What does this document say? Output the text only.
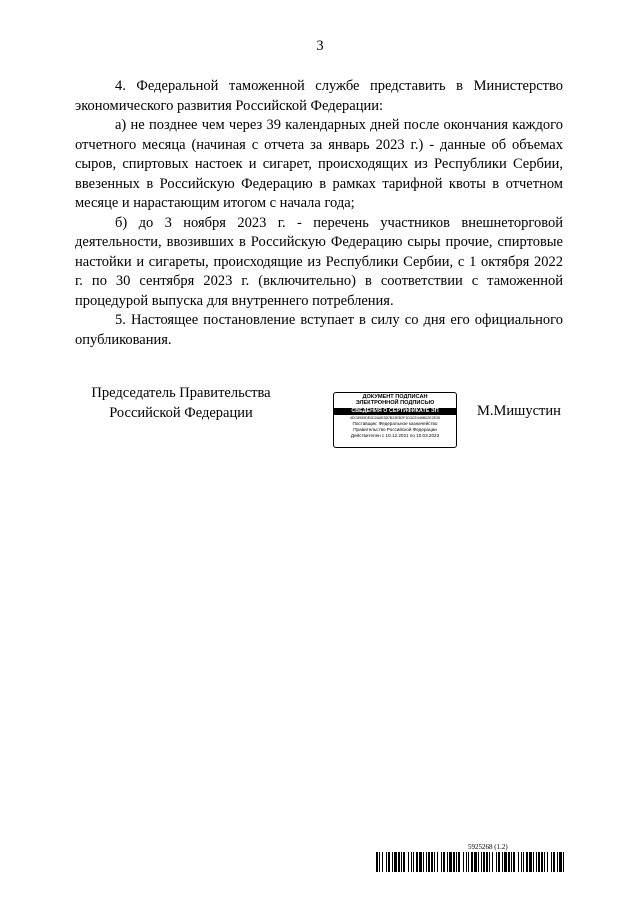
3

4. Федеральной таможенной службе представить в Министерство экономического развития Российской Федерации:

а) не позднее чем через 39 календарных дней после окончания каждого отчетного месяца (начиная с отчета за январь 2023 г.) - данные об объемах сыров, спиртовых настоек и сигарет, происходящих из Республики Сербии, ввезенных в Российскую Федерацию в рамках тарифной квоты в отчетном месяце и нарастающим итогом с начала года;

б) до 3 ноября 2023 г. - перечень участников внешнеторговой деятельности, ввозивших в Российскую Федерацию сыры прочие, спиртовые настойки и сигареты, происходящие из Республики Сербии, с 1 октября 2022 г. по 30 сентября 2023 г. (включительно) в соответствии с таможенной процедурой выпуска для внутреннего потребления.

5. Настоящее постановление вступает в силу со дня его официального опубликования.

Председатель Правительства
Российской Федерации
ДОКУМЕНТ ПОДПИСАН
ЭЛЕКТРОННОЙ ПОДПИСЬЮ
СВЕДЕНИЯ О СЕРТИФИКАТЕ ЭП
4DC8955DE0D2A6E3B7B23EB2F1D3CE446B02E2E35
Поставщик: Федеральное казначейство
Правительство Российской Федерации
Действителен с 10.12.2021 по 10.03.2023
М.Мишустин
5925268 (1.2)
